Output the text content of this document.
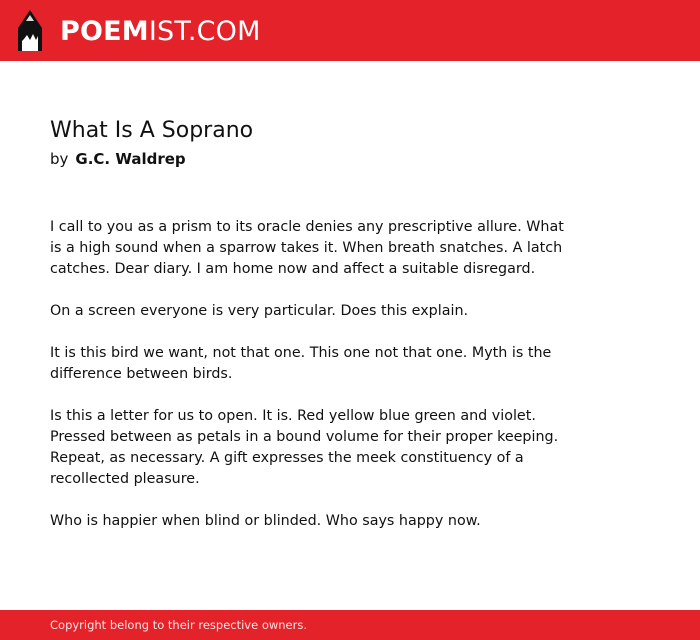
POEMIST.COM
What Is A Soprano
by G.C. Waldrep

I call to you as a prism to its oracle denies any prescriptive allure. What
is a high sound when a sparrow takes it. When breath snatches. A latch
catches. Dear diary. I am home now and affect a suitable disregard.

On a screen everyone is very particular. Does this explain.

It is this bird we want, not that one. This one not that one. Myth is the
difference between birds.

Is this a letter for us to open. It is. Red yellow blue green and violet.
Pressed between as petals in a bound volume for their proper keeping.
Repeat, as necessary. A gift expresses the meek constituency of a
recollected pleasure.

Who is happier when blind or blinded. Who says happy now.

Copyright belong to their respective owners.
